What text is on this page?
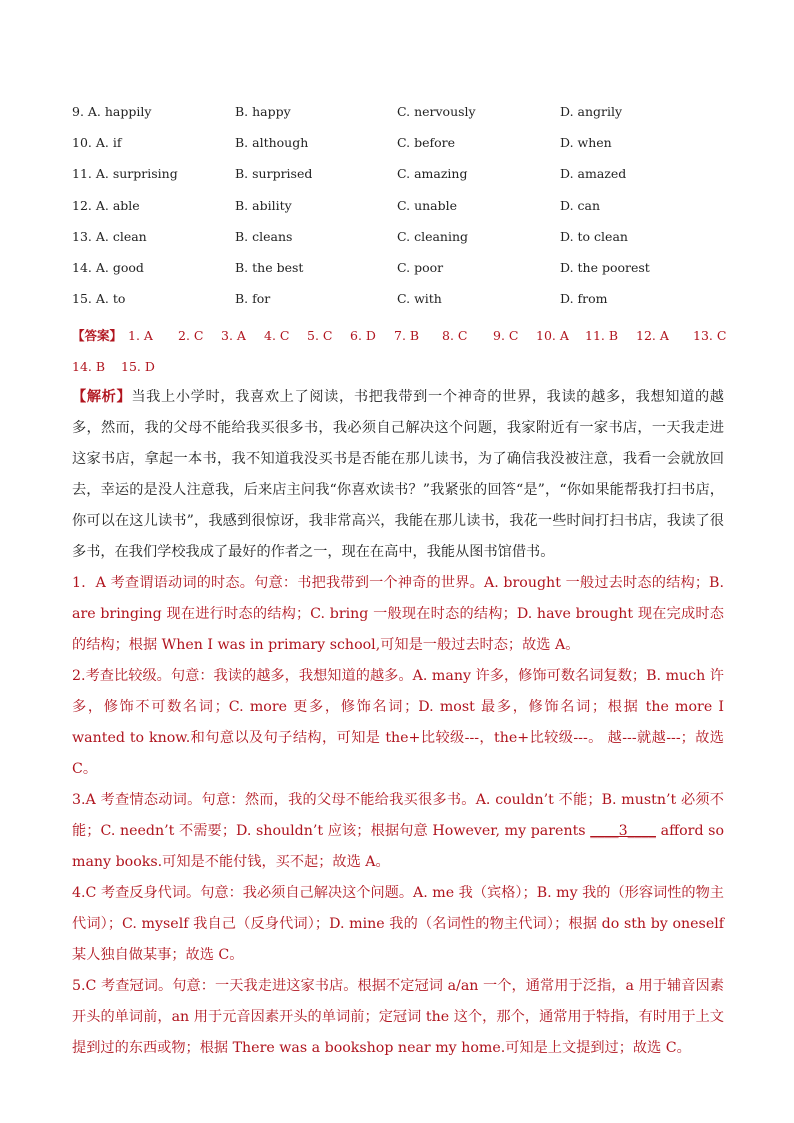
9. A. happily	B. happy	C. nervously	D. angrily
10. A. if	B. although	C. before	D. when
11. A. surprising	B. surprised	C. amazing	D. amazed
12. A. able	B. ability	C. unable	D. can
13. A. clean	B. cleans	C. cleaning	D. to clean
14. A. good	B. the best	C. poor	D. the poorest
15. A. to	B. for	C. with	D. from
【答案】 1. A 2. C 3. A 4. C 5. C 6. D 7. B 8. C 9. C 10. A 11. B 12. A 13. C
14. B 15. D

【解析】当我上小学时，我喜欢上了阅读，书把我带到一个神奇的世界，我读的越多，我想知道的越多，然而，我的父母不能给我买很多书，我必须自己解决这个问题，我家附近有一家书店，一天我走进这家书店，拿起一本书，我不知道我没买书是否能在那儿读书，为了确信我没被注意，我看一会就放回去，幸运的是没人注意我，后来店主问我“你喜欢读书？”我紧张的回答“是”，“你如果能帮我打扫书店，你可以在这儿读书”，我感到很惊讶，我非常高兴，我能在那儿读书，我花一些时间打扫书店，我读了很多书，在我们学校我成了最好的作者之一，现在在高中，我能从图书馆借书。

1．A 考查谓语动词的时态。句意：书把我带到一个神奇的世界。A. brought 一般过去时态的结构；B. are bringing 现在进行时态的结构；C. bring 一般现在时态的结构；D. have brought 现在完成时态的结构；根据 When I was in primary school,可知是一般过去时态；故选 A。

2.考查比较级。句意：我读的越多，我想知道的越多。A. many 许多，修饰可数名词复数；B. much 许多，修饰不可数名词；C. more 更多，修饰名词；D. most 最多，修饰名词；根据 the more I wanted to know.和句意以及句子结构，可知是 the+比较级---，the+比较级---。 越---就越---；故选 C。

3.A 考查情态动词。句意：然而，我的父母不能给我买很多书。A. couldn’t 不能；B. mustn’t 必须不能；C. needn’t 不需要；D. shouldn’t 应该；根据句意 However, my parents ____3____ afford so many books.可知是不能付钱，买不起；故选 A。

4.C 考查反身代词。句意：我必须自己解决这个问题。A. me 我（宾格）；B. my 我的（形容词性的物主代词）；C. myself 我自己（反身代词）；D. mine 我的（名词性的物主代词）；根据 do sth by oneself 某人独自做某事；故选 C。

5.C 考查冠词。句意：一天我走进这家书店。根据不定冠词 a/an 一个，通常用于泛指，a 用于辅音因素开头的单词前，an 用于元音因素开头的单词前；定冠词 the 这个，那个，通常用于特指，有时用于上文提到过的东西或物；根据 There was a bookshop near my home.可知是上文提到过；故选 C。
